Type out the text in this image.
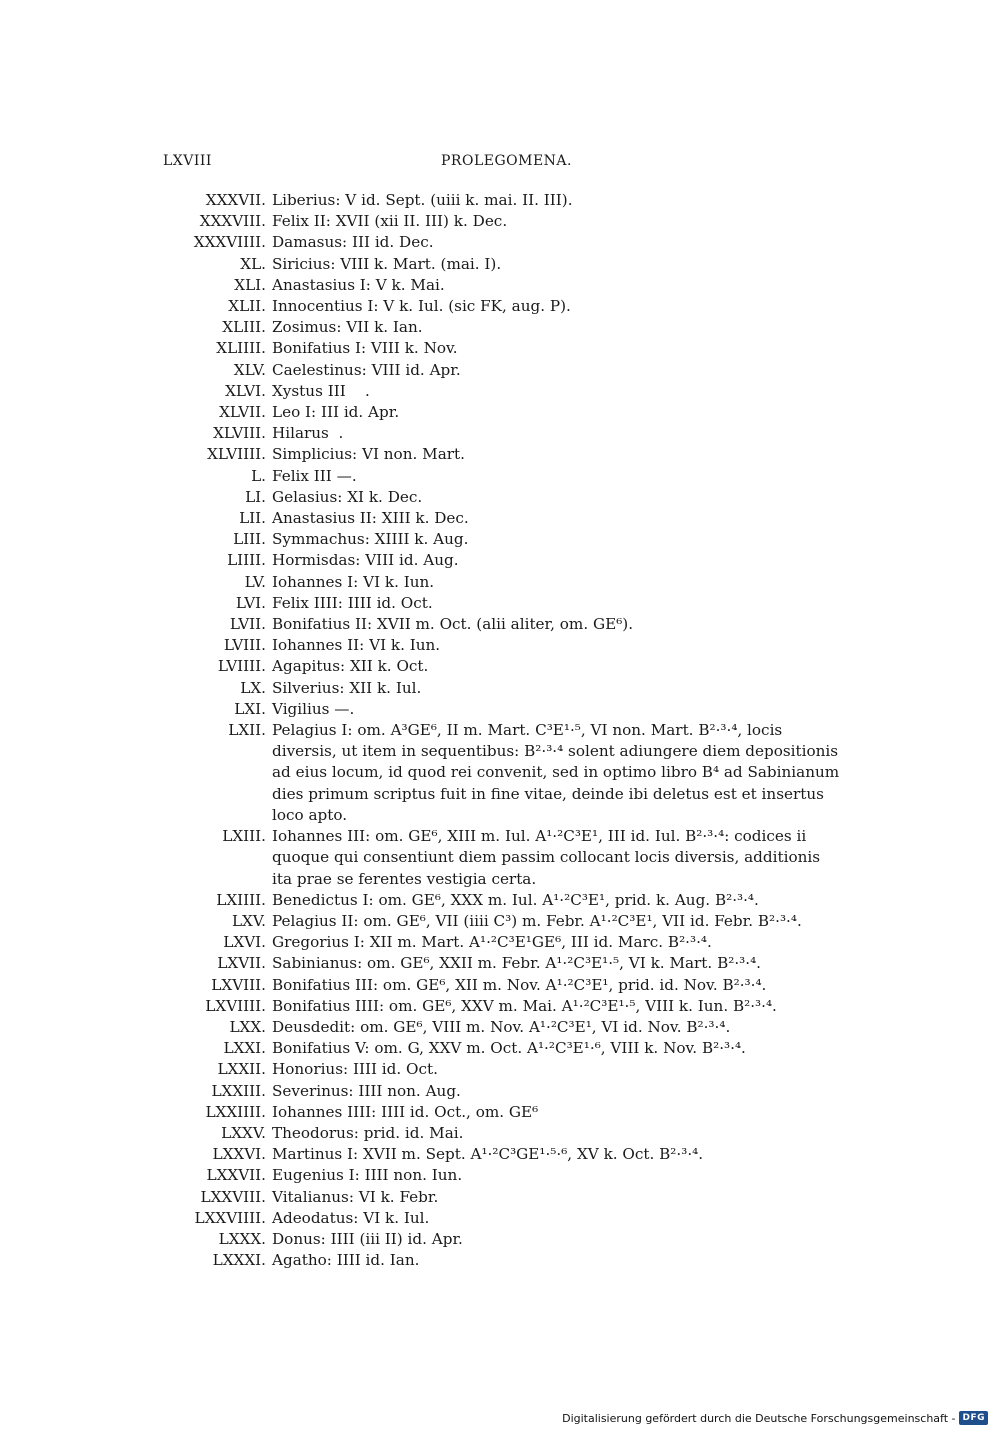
LXVIII	PROLEGOMENA.
XXXVII. Liberius: V id. Sept. (uiii k. mai. II. III).
XXXVIII. Felix II: XVII (xii II. III) k. Dec.
XXXVIIII. Damasus: III id. Dec.
XL. Siricius: VIII k. Mart. (mai. I).
XLI. Anastasius I: V k. Mai.
XLII. Innocentius I: V k. Iul. (sic FK, aug. P).
XLIII. Zosimus: VII k. Ian.
XLIIII. Bonifatius I: VIII k. Nov.
XLV. Caelestinus: VIII id. Apr.
XLVI. Xystus III    .
XLVII. Leo I: III id. Apr.
XLVIII. Hilarus  .
XLVIIII. Simplicius: VI non. Mart.
L. Felix III —.
LI. Gelasius: XI k. Dec.
LII. Anastasius II: XIII k. Dec.
LIII. Symmachus: XIIII k. Aug.
LIIII. Hormisdas: VIII id. Aug.
LV. Iohannes I: VI k. Iun.
LVI. Felix IIII: IIII id. Oct.
LVII. Bonifatius II: XVII m. Oct. (alii aliter, om. GE⁶).
LVIII. Iohannes II: VI k. Iun.
LVIIII. Agapitus: XII k. Oct.
LX. Silverius: XII k. Iul.
LXI. Vigilius —.
LXII. Pelagius I: om. A³GE⁶, II m. Mart. C³E¹·⁵, VI non. Mart. B²·³·⁴, locis diversis, ut item in sequentibus: B²·³·⁴ solent adiungere diem depositionis ad eius locum, id quod rei convenit, sed in optimo libro B⁴ ad Sabinianum dies primum scriptus fuit in fine vitae, deinde ibi deletus est et insertus loco apto.
LXIII. Iohannes III: om. GE⁶, XIII m. Iul. A¹·²C³E¹, III id. Iul. B²·³·⁴: codices ii quoque qui consentiunt diem passim collocant locis diversis, additionis ita prae se ferentes vestigia certa.
LXIIII. Benedictus I: om. GE⁶, XXX m. Iul. A¹·²C³E¹, prid. k. Aug. B²·³·⁴.
LXV. Pelagius II: om. GE⁶, VII (iiii C³) m. Febr. A¹·²C³E¹, VII id. Febr. B²·³·⁴.
LXVI. Gregorius I: XII m. Mart. A¹·²C³E¹GE⁶, III id. Marc. B²·³·⁴.
LXVII. Sabinianus: om. GE⁶, XXII m. Febr. A¹·²C³E¹·⁵, VI k. Mart. B²·³·⁴.
LXVIII. Bonifatius III: om. GE⁶, XII m. Nov. A¹·²C³E¹, prid. id. Nov. B²·³·⁴.
LXVIIII. Bonifatius IIII: om. GE⁶, XXV m. Mai. A¹·²C³E¹·⁵, VIII k. Iun. B²·³·⁴.
LXX. Deusdedit: om. GE⁶, VIII m. Nov. A¹·²C³E¹, VI id. Nov. B²·³·⁴.
LXXI. Bonifatius V: om. G, XXV m. Oct. A¹·²C³E¹·⁶, VIII k. Nov. B²·³·⁴.
LXXII. Honorius: IIII id. Oct.
LXXIII. Severinus: IIII non. Aug.
LXXIIII. Iohannes IIII: IIII id. Oct., om. GE⁶
LXXV. Theodorus: prid. id. Mai.
LXXVI. Martinus I: XVII m. Sept. A¹·²C³GE¹·⁵·⁶, XV k. Oct. B²·³·⁴.
LXXVII. Eugenius I: IIII non. Iun.
LXXVIII. Vitalianus: VI k. Febr.
LXXVIIII. Adeodatus: VI k. Iul.
LXXX. Donus: IIII (iii II) id. Apr.
LXXXI. Agatho: IIII id. Ian.
Digitalisierung gefördert durch die Deutsche Forschungsgemeinschaft - DFG
